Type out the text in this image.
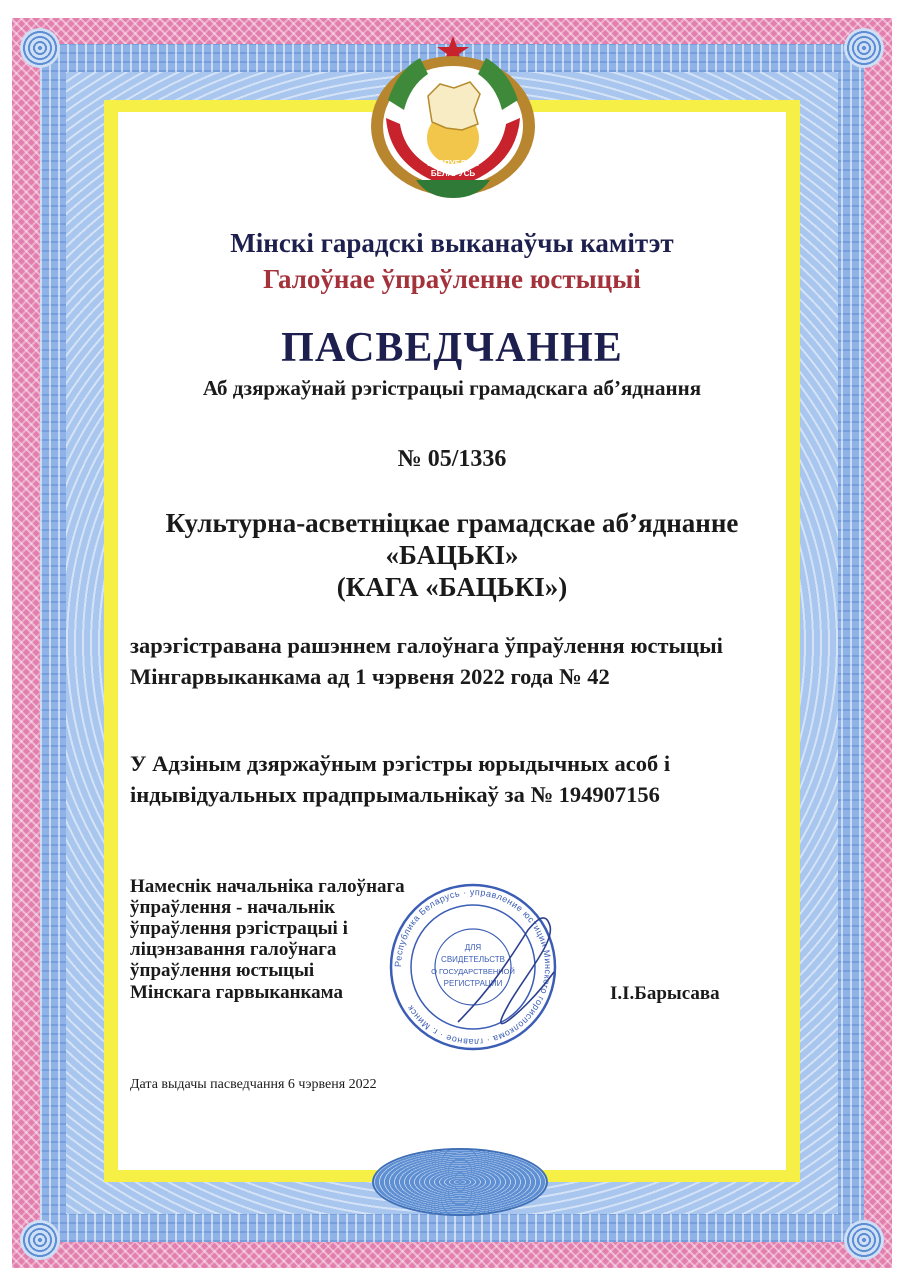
РЭСПУБЛІКА
БЕЛАРУСЬ
Мінскі гарадскі выканаўчы камітэт
Галоўнае ўпраўленне юстыцыі
ПАСВЕДЧАННЕ
Аб дзяржаўнай рэгістрацыі грамадскага аб’яднання
№ 05/1336
Культурна-асветніцкае грамадскае аб’яднанне
«БАЦЬКІ»
(КАГА «БАЦЬКІ»)
зарэгістравана рашэннем галоўнага ўпраўлення юстыцыі
Мінгарвыканкама ад 1 чэрвеня 2022 года № 42
У Адзіным дзяржаўным рэгістры юрыдычных асоб і
індывідуальных прадпрымальнікаў за № 194907156
Намеснік начальніка галоўнага
ўпраўлення - начальнік
ўпраўлення рэгістрацыі і
ліцэнзавання галоўнага
ўпраўлення юстыцыі
Мінскага гарвыканкама
Республика Беларусь · управление юстиции Минского горисполкома · главное · г. Минск
ДЛЯ
СВИДЕТЕЛЬСТВ
О ГОСУДАРСТВЕННОЙ
РЕГИСТРАЦИИ	І.І.Барысава
Дата выдачы пасведчання 6 чэрвеня 2022
